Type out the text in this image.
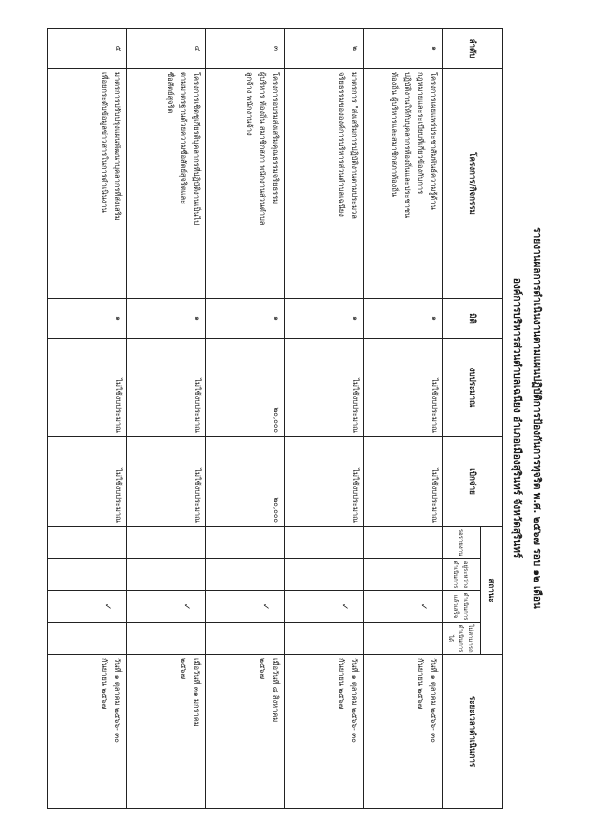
รายงานผลการดำเนินงานตามแผนปฏิบัติการป้องกันการทุจริต พ.ศ. ๒๕๖๗ รอบ ๑๒ เดือน
องค์การบริหารส่วนตำบลเฉนียง อำเภอเมืองสุรินทร์ จังหวัดสุรินทร์
ลำดับ	โครงการ/กิจกรรม	มิติ	งบประมาณ	เบิกจ่าย	สถานะ				ระยะเวลาดำเนินการ
					รอรายงาน	อยู่ระหว่างดำเนินการ	ดำเนินการแล้วเสร็จ	ไม่สามารถดำเนินการได้	
๑	โครงการเผยแพร่ประชาสัมพันธ์ความรู้ด้าน
กฎหมายและระเบียบที่เกี่ยวข้องกับการ
ปฏิบัติงานให้กับบุคลากรท้องถิ่นและประชาชน
ท้องถิ่น ผู้บริหารและสมาชิกสภาท้องถิ่น	๑	ไม่ใช้งบประมาณ	ไม่ใช้งบประมาณ			✓		วันที่ ๑ ตุลาคม ๒๕๖๖- ๓๐
กันยายน ๒๕๖๗

๒	มาตรการ "ส่งเสริมการปฏิบัติงานตามประมวล
จริยธรรมขององค์การบริหารส่วนตำบลเฉนียง	๑	ไม่ใช้งบประมาณ	ไม่ใช้งบประมาณ			✓		วันที่ ๑ ตุลาคม ๒๕๖๖- ๓๐
กันยายน ๒๕๖๗

๓	โครงการอบรมส่งเสริมคุณธรรมจริยธรรม
ผู้บริหาร ท้องถิ่น สมาชิกสภา พนักงานส่วนตำบล
ลูกจ้าง พนักงานจ้าง	๑	๒๐,๐๐๐	๒๐,๐๐๐			✓		เมื่อวันที่ ๘ สิงหาคม
๒๕๖๗

๔	โครงการเชิดชูเกียรติบุคลากรที่ปฏิบัติงานเป็นไป
ตามมาตรฐานด้วยความซื่อสัตย์สุจริตและ
ซื่อสัตย์สุจริต	๑	ไม่ใช้งบประมาณ	ไม่ใช้งบประมาณ			✓		เมื่อวันที่ ๓๑ มกราคม
๒๕๖๗

๕	มาตรการปรับปรุงแผนพัฒนาบุคลากรที่ส่งเสริม
เพื่อยกระดับข้อมูลข่าวสารในการดำเนินงาน	๑	ไม่ใช้งบประมาณ	ไม่ใช้งบประมาณ			✓		วันที่ ๑ ตุลาคม ๒๕๖๖- ๓๐
กันยายน ๒๕๖๗
